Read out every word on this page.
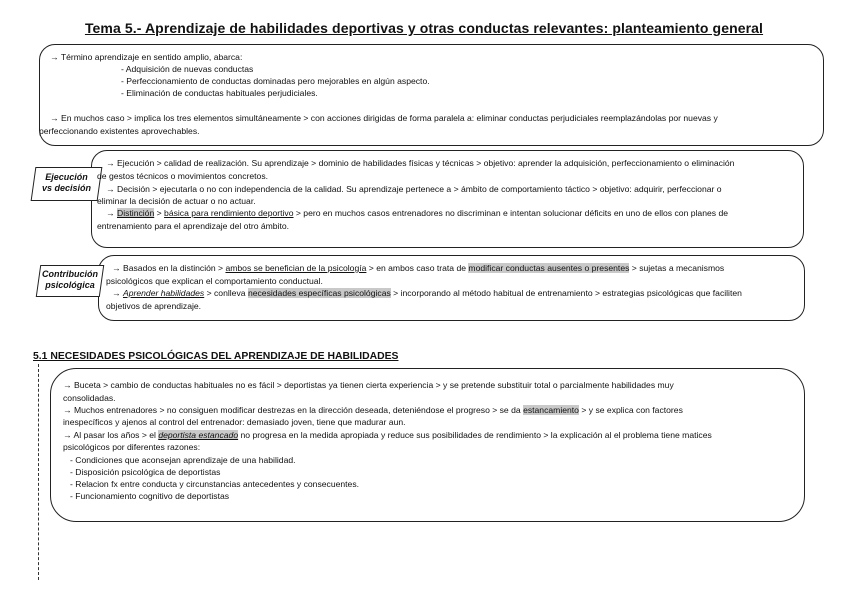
Tema 5.- Aprendizaje de habilidades deportivas y otras conductas relevantes: planteamiento general
→ Término aprendizaje en sentido amplio, abarca:
- Adquisición de nuevas conductas
- Perfeccionamiento de conductas dominadas pero mejorables en algún aspecto.
- Eliminación de conductas habituales perjudiciales.
→ En muchos caso > implica los tres elementos simultáneamente > con acciones dirigidas de forma paralela a: eliminar conductas perjudiciales reemplazándolas por nuevas y
perfeccionando existentes aprovechables.
Ejecución
vs decisión
→ Ejecución > calidad de realización. Su aprendizaje > dominio de habilidades físicas y técnicas > objetivo: aprender la adquisición, perfeccionamiento o eliminación
de gestos técnicos o movimientos concretos.
→ Decisión > ejecutarla o no con independencia de la calidad. Su aprendizaje pertenece a > ámbito de comportamiento táctico > objetivo: adquirir, perfeccionar o
eliminar la decisión de actuar o no actuar.
→ Distinción > básica para rendimiento deportivo > pero en muchos casos entrenadores no discriminan e intentan solucionar déficits en uno de ellos con planes de
entrenamiento para el aprendizaje del otro ámbito.
Contribución
psicológica
→ Basados en la distinción > ambos se benefician de la psicología > en ambos caso trata de modificar conductas ausentes o presentes > sujetas a mecanismos
psicológicos que explican el comportamiento conductual.
→ Aprender habilidades > conlleva necesidades específicas psicológicas > incorporando al método habitual de entrenamiento > estrategias psicológicas que faciliten
objetivos de aprendizaje.
5.1 NECESIDADES PSICOLÓGICAS DEL APRENDIZAJE DE HABILIDADES
→ Buceta > cambio de conductas habituales no es fácil > deportistas ya tienen cierta experiencia > y se pretende substituir total o parcialmente habilidades muy
consolidadas.
→ Muchos entrenadores > no consiguen modificar destrezas en la dirección deseada, deteniéndose el progreso > se da estancamiento > y se explica con factores
inespecíficos y ajenos al control del entrenador: demasiado joven, tiene que madurar aun.
→ Al pasar los años > el deportista estancado no progresa en la medida apropiada y reduce sus posibilidades de rendimiento > la explicación al el problema tiene matices
psicológicos por diferentes razones:
- Condiciones que aconsejan aprendizaje de una habilidad.
- Disposición psicológica de deportistas
- Relacion fx entre conducta y circunstancias antecedentes y consecuentes.
- Funcionamiento cognitivo de deportistas
